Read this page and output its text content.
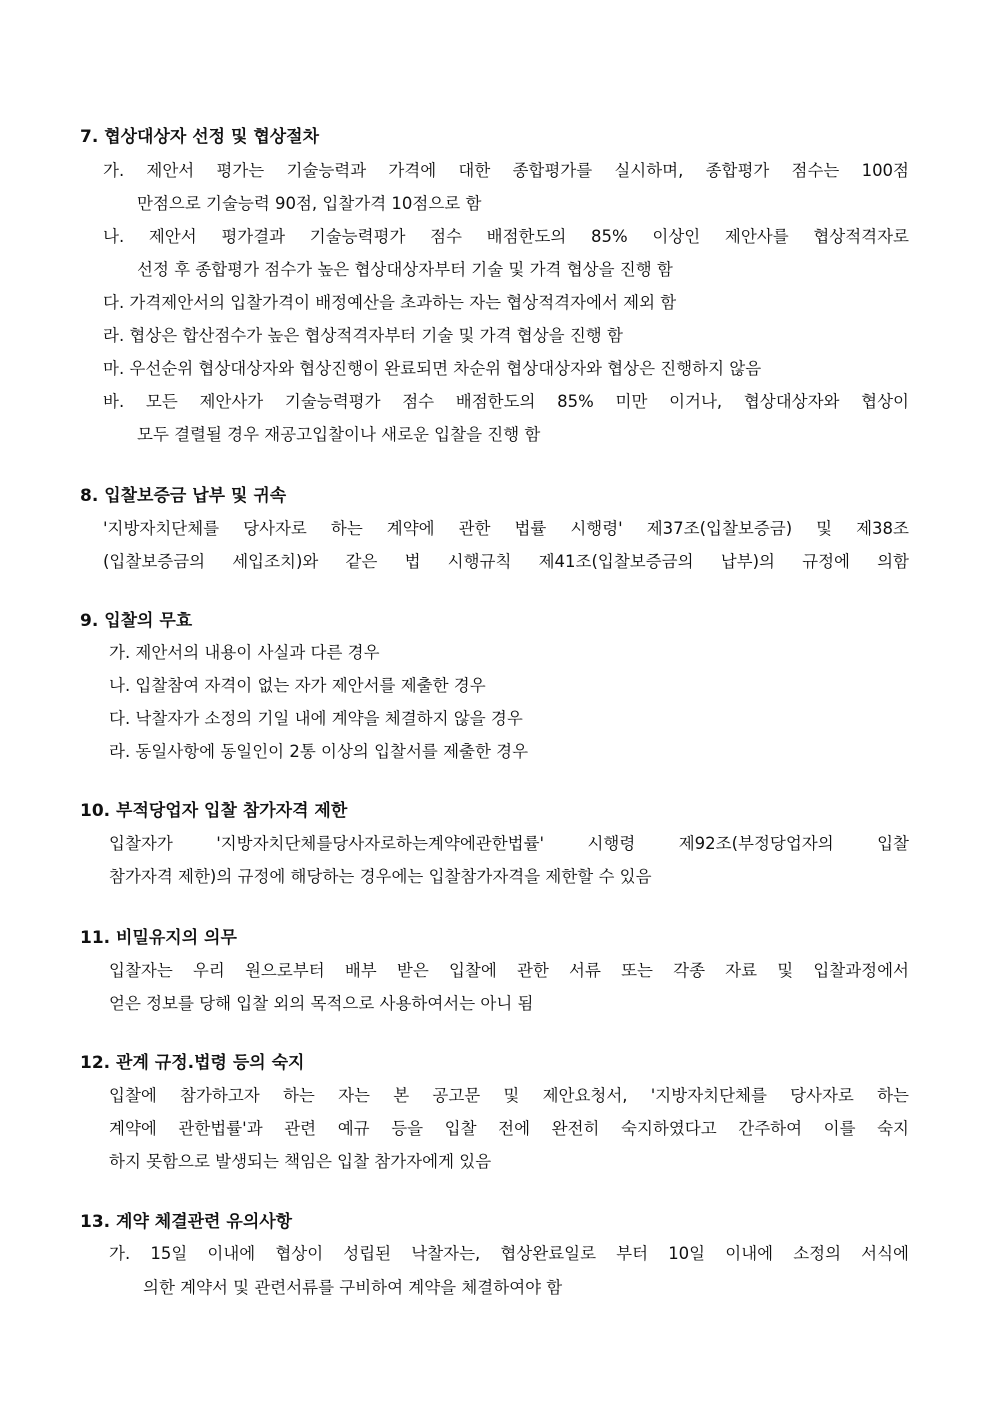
7. 협상대상자 선정 및 협상절차
가. 제안서 평가는 기술능력과 가격에 대한 종합평가를 실시하며, 종합평가 점수는 100점
만점으로 기술능력 90점, 입찰가격 10점으로 함
나. 제안서 평가결과 기술능력평가 점수 배점한도의 85% 이상인 제안사를 협상적격자로
선정 후 종합평가 점수가 높은 협상대상자부터 기술 및 가격 협상을 진행 함
다. 가격제안서의 입찰가격이 배정예산을 초과하는 자는 협상적격자에서 제외 함
라. 협상은 합산점수가 높은 협상적격자부터 기술 및 가격 협상을 진행 함
마. 우선순위 협상대상자와 협상진행이 완료되면 차순위 협상대상자와 협상은 진행하지 않음
바. 모든 제안사가 기술능력평가 점수 배점한도의 85% 미만 이거나, 협상대상자와 협상이
모두 결렬될 경우 재공고입찰이나 새로운 입찰을 진행 함
8. 입찰보증금 납부 및 귀속
'지방자치단체를 당사자로 하는 계약에 관한 법률 시행령' 제37조(입찰보증금) 및 제38조
(입찰보증금의 세입조치)와 같은 법 시행규칙 제41조(입찰보증금의 납부)의 규정에 의함
9. 입찰의 무효
가. 제안서의 내용이 사실과 다른 경우
나. 입찰참여 자격이 없는 자가 제안서를 제출한 경우
다. 낙찰자가 소정의 기일 내에 계약을 체결하지 않을 경우
라. 동일사항에 동일인이 2통 이상의 입찰서를 제출한 경우
10. 부적당업자 입찰 참가자격 제한
입찰자가 '지방자치단체를당사자로하는계약에관한법률' 시행령 제92조(부정당업자의 입찰
참가자격 제한)의 규정에 해당하는 경우에는 입찰참가자격을 제한할 수 있음
11. 비밀유지의 의무
입찰자는 우리 원으로부터 배부 받은 입찰에 관한 서류 또는 각종 자료 및 입찰과정에서
얻은 정보를 당해 입찰 외의 목적으로 사용하여서는 아니 됨
12. 관계 규정.법령 등의 숙지
입찰에 참가하고자 하는 자는 본 공고문 및 제안요청서, '지방자치단체를 당사자로 하는
계약에 관한법률'과 관련 예규 등을 입찰 전에 완전히 숙지하였다고 간주하여 이를 숙지
하지 못함으로 발생되는 책임은 입찰 참가자에게 있음
13. 계약 체결관련 유의사항
가. 15일 이내에 협상이 성립된 낙찰자는, 협상완료일로 부터 10일 이내에 소정의 서식에
의한 계약서 및 관련서류를 구비하여 계약을 체결하여야 함
